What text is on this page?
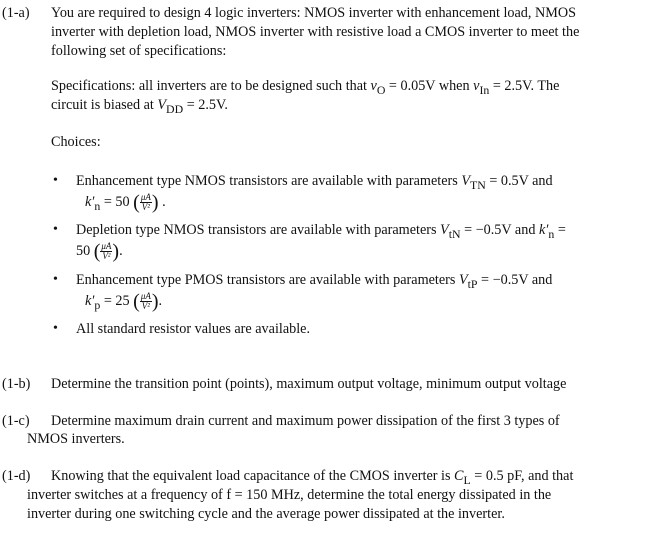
(1-a) You are required to design 4 logic inverters: NMOS inverter with enhancement load, NMOS
inverter with depletion load, NMOS inverter with resistive load a CMOS inverter to meet the
following set of specifications:
Specifications: all inverters are to be designed such that $v_O = 0.05V$ when $v_{In} = 2.5V$. The
circuit is biased at $V_{DD} = 2.5V$.
Choices:
• Enhancement type NMOS transistors are available with parameters $V_{TN} = 0.5V$ and
$k'_n = 50$ ( $\frac{\mu A}{\text{V²}}$ ) .
• Depletion type NMOS transistors are available with parameters $V_{tN} = -0.5V$ and $k'_n$ =
50 ( $\frac{\mu A}{\text{V²}}$ ).
• Enhancement type PMOS transistors are available with parameters $V_{tP} = -0.5V$ and
$k'_p = 25$ ( $\frac{\mu A}{\text{V²}}$ ).
• All standard resistor values are available.
(1-b) Determine the transition point (points), maximum output voltage, minimum output voltage
(1-c) Determine maximum drain current and maximum power dissipation of the first 3 types of
NMOS inverters.
(1-d) Knowing that the equivalent load capacitance of the CMOS inverter is $C_L = 0.5$ pF, and that
inverter switches at a frequency of f = 150 MHz, determine the total energy dissipated in the
inverter during one switching cycle and the average power dissipated at the inverter.
